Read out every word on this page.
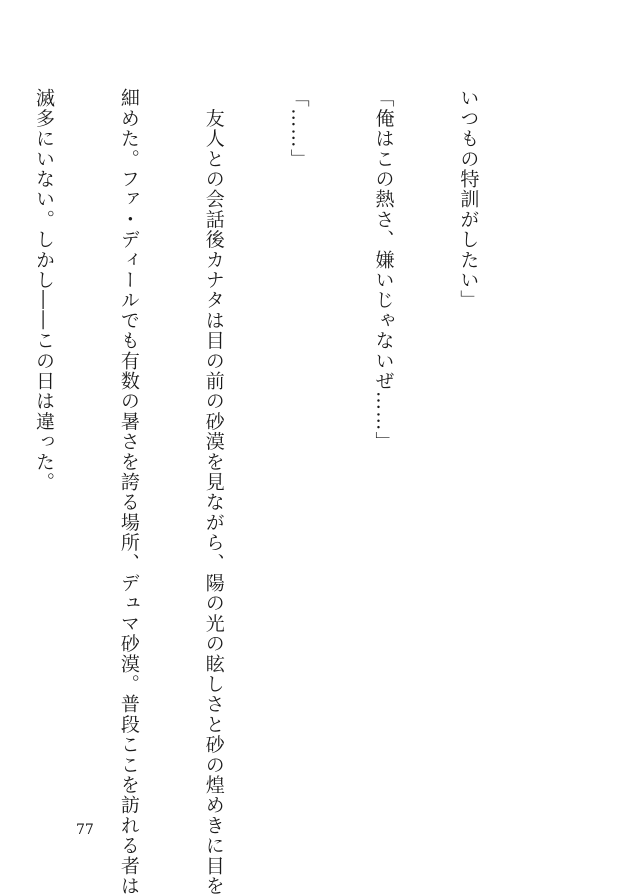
いつもの特訓がしたい」

「俺はこの熱さ、嫌いじゃないぜ……」

「……」

　友人との会話後カナタは目の前の砂漠を見ながら、陽の光の眩しさと砂の煌めきに目を

細めた。ファ・ディールでも有数の暑さを誇る場所、デュマ砂漠。普段ここを訪れる者は

滅多にいない。しかし――この日は違った。

77
